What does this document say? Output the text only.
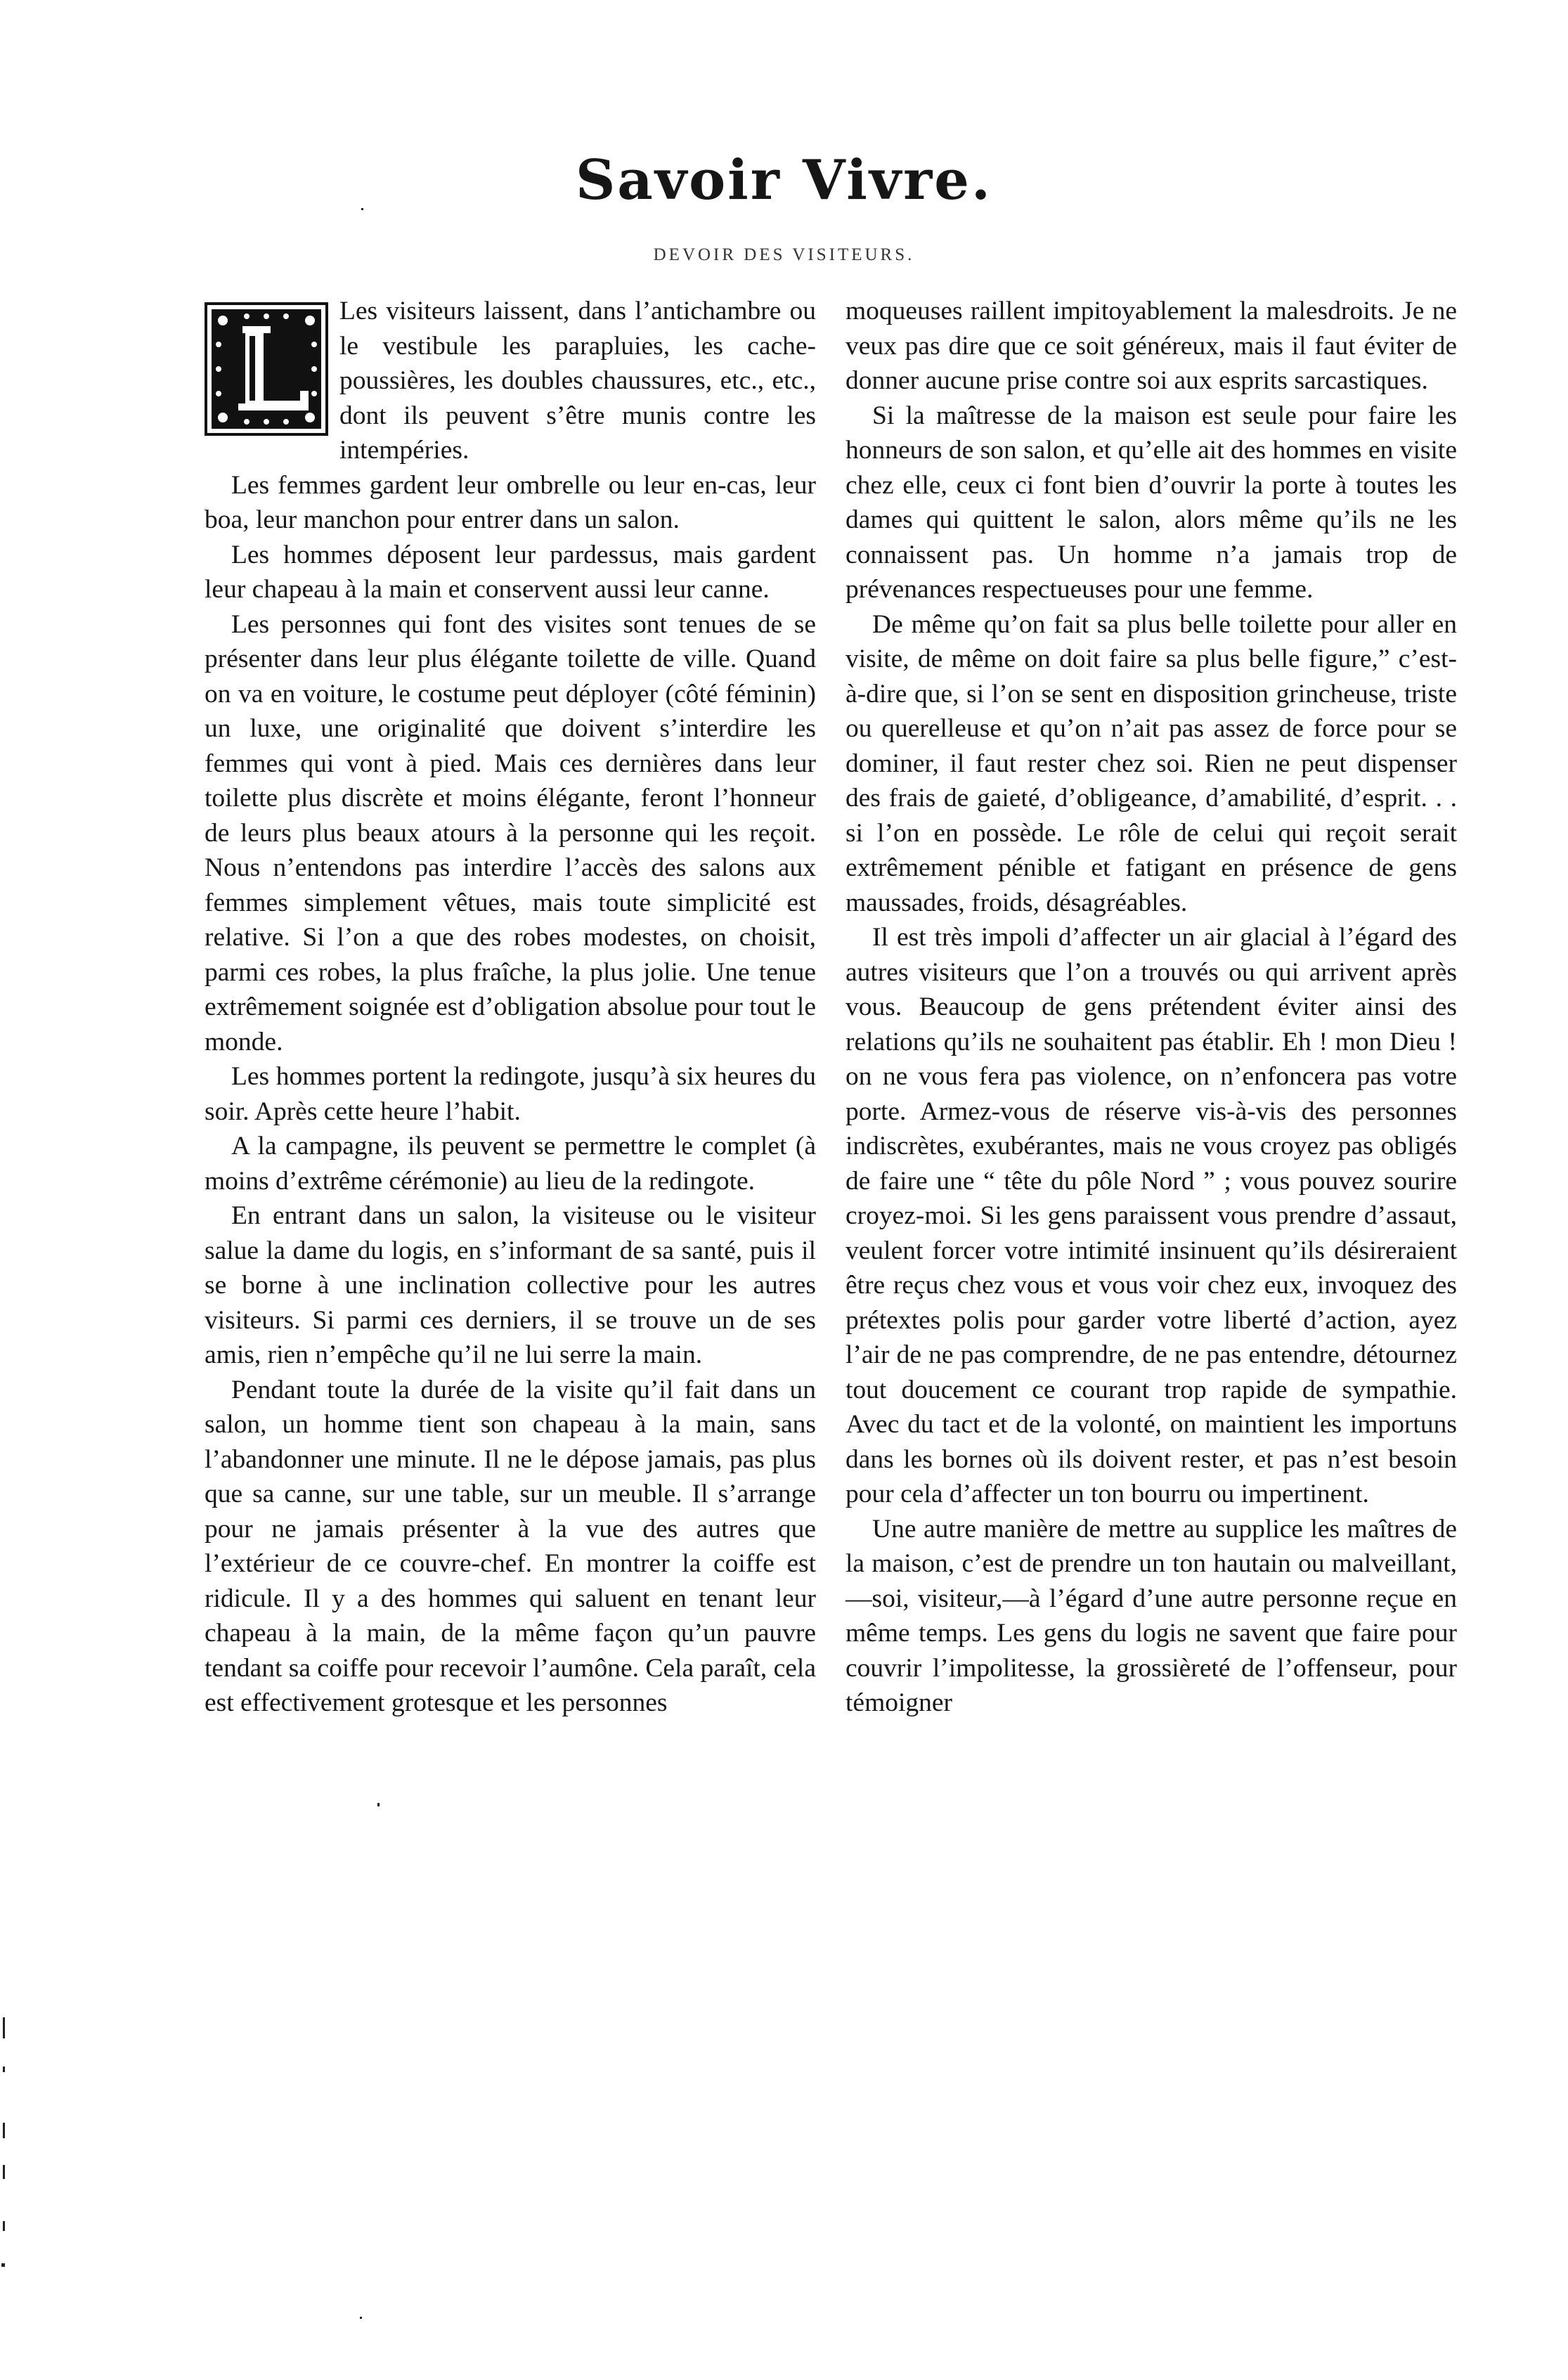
Savoir Vivre.
DEVOIR DES VISITEURS.

Les visiteurs laissent, dans l’antichambre ou le vestibule les parapluies, les cache-poussières, les doubles chaussures, etc., etc., dont ils peuvent s’être munis contre les intempéries.

Les femmes gardent leur ombrelle ou leur en-cas, leur boa, leur manchon pour entrer dans un salon.

Les hommes déposent leur pardessus, mais gardent leur chapeau à la main et conservent aussi leur canne.

Les personnes qui font des visites sont tenues de se présenter dans leur plus élégante toilette de ville. Quand on va en voiture, le costume peut déployer (côté féminin) un luxe, une originalité que doivent s’interdire les femmes qui vont à pied. Mais ces dernières dans leur toilette plus discrète et moins élégante, feront l’honneur de leurs plus beaux atours à la personne qui les reçoit. Nous n’entendons pas interdire l’accès des salons aux femmes simplement vêtues, mais toute simplicité est relative. Si l’on a que des robes modestes, on choisit, parmi ces robes, la plus fraîche, la plus jolie. Une tenue extrêmement soignée est d’obligation absolue pour tout le monde.

Les hommes portent la redingote, jusqu’à six heures du soir. Après cette heure l’habit.

A la campagne, ils peuvent se permettre le complet (à moins d’extrême cérémonie) au lieu de la redingote.

En entrant dans un salon, la visiteuse ou le visiteur salue la dame du logis, en s’informant de sa santé, puis il se borne à une inclination collective pour les autres visiteurs. Si parmi ces derniers, il se trouve un de ses amis, rien n’empêche qu’il ne lui serre la main.

Pendant toute la durée de la visite qu’il fait dans un salon, un homme tient son chapeau à la main, sans l’abandonner une minute. Il ne le dépose jamais, pas plus que sa canne, sur une table, sur un meuble. Il s’arrange pour ne jamais présenter à la vue des autres que l’extérieur de ce couvre-chef. En montrer la coiffe est ridicule. Il y a des hommes qui saluent en tenant leur chapeau à la main, de la même façon qu’un pauvre tendant sa coiffe pour recevoir l’aumône. Cela paraît, cela est effectivement grotesque et les personnes

moqueuses raillent impitoyablement la malesdroits. Je ne veux pas dire que ce soit généreux, mais il faut éviter de donner aucune prise contre soi aux esprits sarcastiques.

Si la maîtresse de la maison est seule pour faire les honneurs de son salon, et qu’elle ait des hommes en visite chez elle, ceux ci font bien d’ouvrir la porte à toutes les dames qui quittent le salon, alors même qu’ils ne les connaissent pas. Un homme n’a jamais trop de prévenances respectueuses pour une femme.

De même qu’on fait sa plus belle toilette pour aller en visite, de même on doit faire sa plus belle figure,” c’est-à-dire que, si l’on se sent en disposition grincheuse, triste ou querelleuse et qu’on n’ait pas assez de force pour se dominer, il faut rester chez soi. Rien ne peut dispenser des frais de gaieté, d’obligeance, d’amabilité, d’esprit. . . si l’on en possède. Le rôle de celui qui reçoit serait extrêmement pénible et fatigant en présence de gens maussades, froids, désagréables.

Il est très impoli d’affecter un air glacial à l’égard des autres visiteurs que l’on a trouvés ou qui arrivent après vous. Beaucoup de gens prétendent éviter ainsi des relations qu’ils ne souhaitent pas établir. Eh ! mon Dieu ! on ne vous fera pas violence, on n’enfoncera pas votre porte. Armez-vous de réserve vis-à-vis des personnes indiscrètes, exubérantes, mais ne vous croyez pas obligés de faire une “ tête du pôle Nord ” ; vous pouvez sourire croyez-moi. Si les gens paraissent vous prendre d’assaut, veulent forcer votre intimité insinuent qu’ils désireraient être reçus chez vous et vous voir chez eux, invoquez des prétextes polis pour garder votre liberté d’action, ayez l’air de ne pas comprendre, de ne pas entendre, détournez tout doucement ce courant trop rapide de sympathie. Avec du tact et de la volonté, on maintient les importuns dans les bornes où ils doivent rester, et pas n’est besoin pour cela d’affecter un ton bourru ou impertinent.

Une autre manière de mettre au supplice les maîtres de la maison, c’est de prendre un ton hautain ou malveillant,—soi, visiteur,—à l’égard d’une autre personne reçue en même temps. Les gens du logis ne savent que faire pour couvrir l’impolitesse, la grossièreté de l’offenseur, pour témoigner
